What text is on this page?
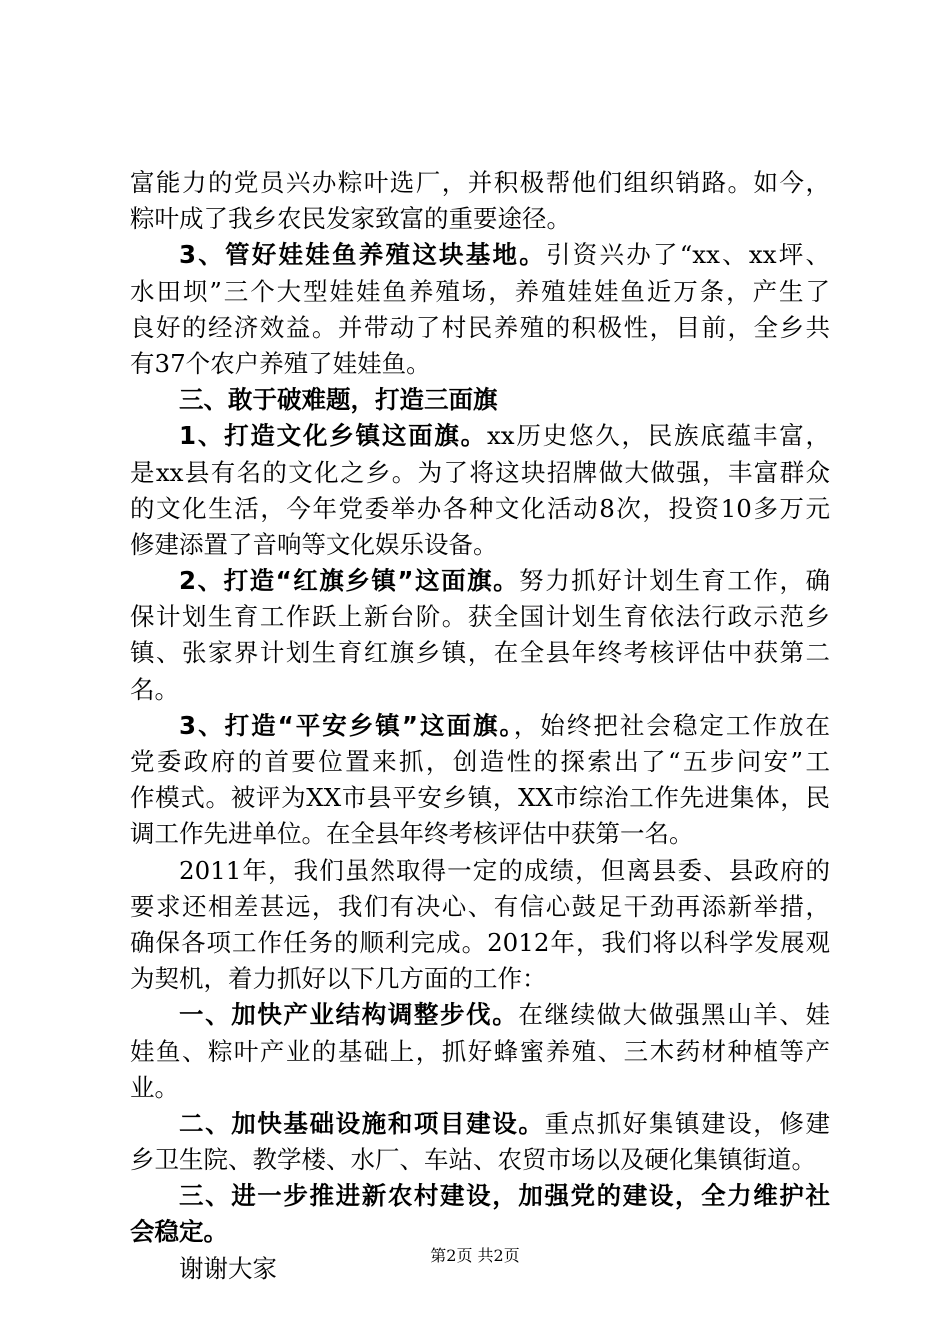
富能力的党员兴办粽叶选厂，并积极帮他们组织销路。如今，
粽叶成了我乡农民发家致富的重要途径。
3、管好娃娃鱼养殖这块基地。引资兴办了“xx、xx坪、
水田坝”三个大型娃娃鱼养殖场，养殖娃娃鱼近万条，产生了
良好的经济效益。并带动了村民养殖的积极性，目前，全乡共
有37个农户养殖了娃娃鱼。
三、敢于破难题，打造三面旗
1、打造文化乡镇这面旗。xx历史悠久，民族底蕴丰富，
是xx县有名的文化之乡。为了将这块招牌做大做强，丰富群众
的文化生活，今年党委举办各种文化活动8次，投资10多万元
修建添置了音响等文化娱乐设备。
2、打造“红旗乡镇”这面旗。努力抓好计划生育工作，确
保计划生育工作跃上新台阶。获全国计划生育依法行政示范乡
镇、张家界计划生育红旗乡镇，在全县年终考核评估中获第二
名。
3、打造“平安乡镇”这面旗。，始终把社会稳定工作放在
党委政府的首要位置来抓，创造性的探索出了“五步问安”工
作模式。被评为XX市县平安乡镇，XX市综治工作先进集体，民
调工作先进单位。在全县年终考核评估中获第一名。
2011年，我们虽然取得一定的成绩，但离县委、县政府的
要求还相差甚远，我们有决心、有信心鼓足干劲再添新举措，
确保各项工作任务的顺利完成。2012年，我们将以科学发展观
为契机，着力抓好以下几方面的工作：
一、加快产业结构调整步伐。在继续做大做强黑山羊、娃
娃鱼、粽叶产业的基础上，抓好蜂蜜养殖、三木药材种植等产
业。
二、加快基础设施和项目建设。重点抓好集镇建设，修建
乡卫生院、教学楼、水厂、车站、农贸市场以及硬化集镇街道。
三、进一步推进新农村建设，加强党的建设，全力维护社
会稳定。
谢谢大家	第2页 共2页
